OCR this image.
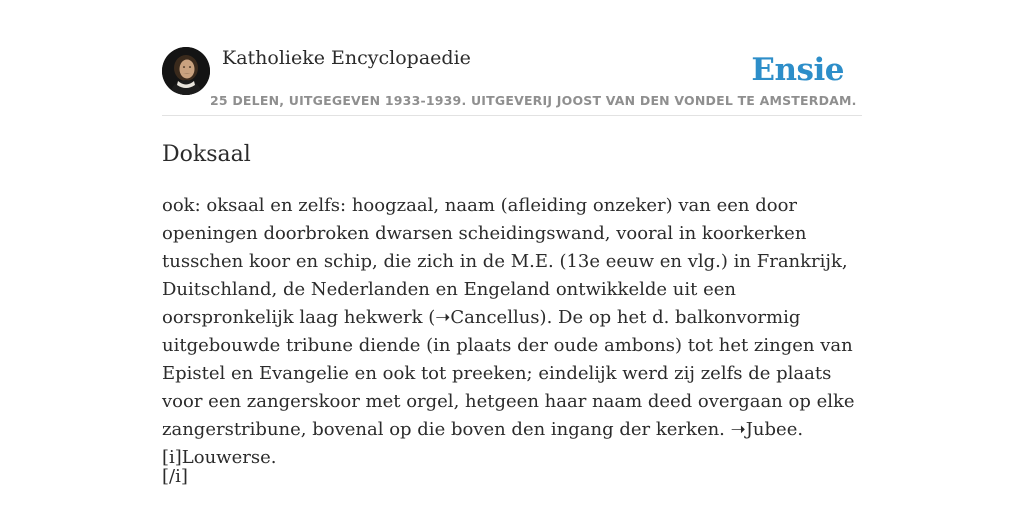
Katholieke Encyclopaedie	Ensie
25 DELEN, UITGEGEVEN 1933-1939. UITGEVERIJ JOOST VAN DEN VONDEL TE AMSTERDAM.
Doksaal

ook: oksaal en zelfs: hoogzaal, naam (afleiding onzeker) van een door openingen doorbroken dwarsen scheidingswand, vooral in koorkerken tusschen koor en schip, die zich in de M.E. (13e eeuw en vlg.) in Frankrijk, Duitschland, de Nederlanden en Engeland ontwikkelde uit een oorspronkelijk laag hekwerk (➝Cancellus). De op het d. balkonvormig uitgebouwde tribune diende (in plaats der oude ambons) tot het zingen van Epistel en Evangelie en ook tot preeken; eindelijk werd zij zelfs de plaats voor een zangerskoor met orgel, hetgeen haar naam deed overgaan op elke zangerstribune, bovenal op die boven den ingang der kerken. ➝Jubee. [i]Louwerse.

[/i]
